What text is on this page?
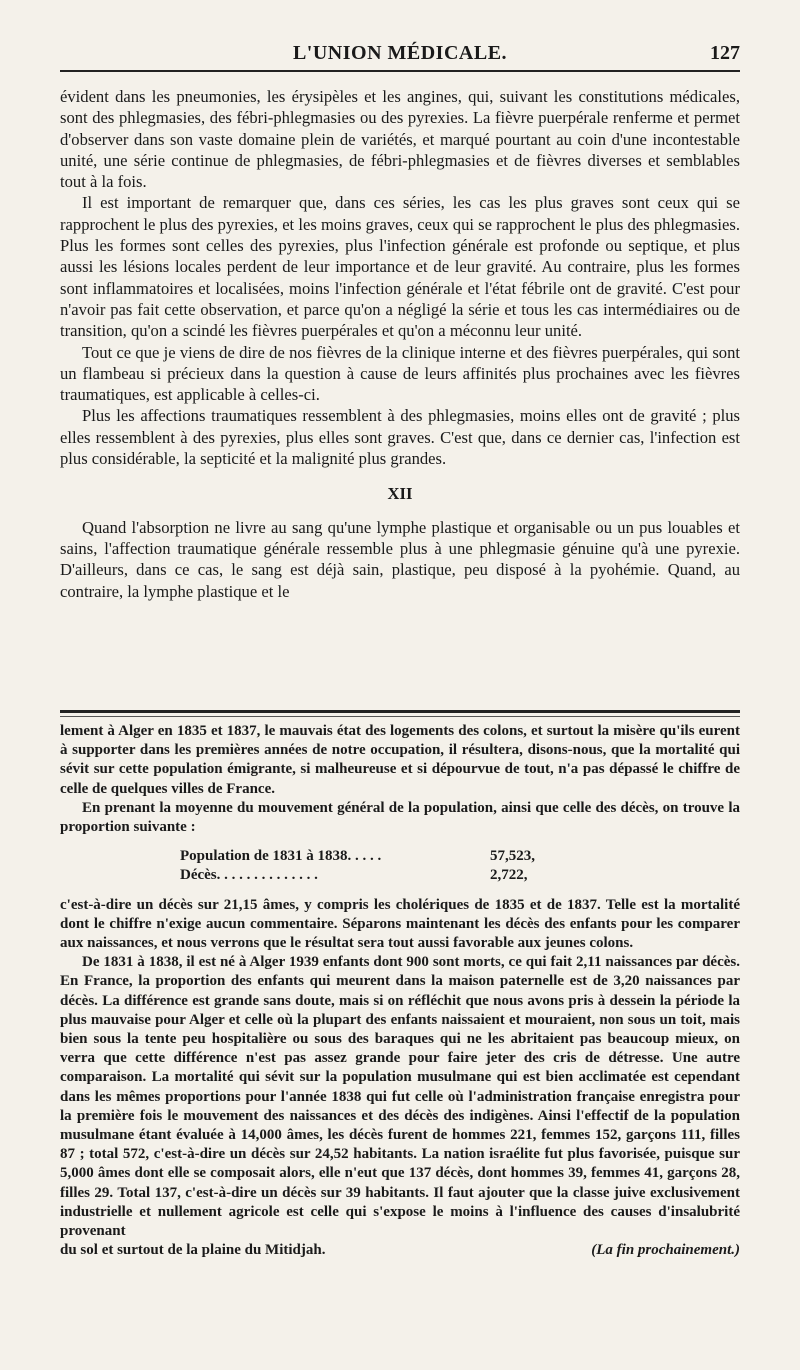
L'UNION MÉDICALE.	127

évident dans les pneumonies, les érysipèles et les angines, qui, suivant les constitutions médicales, sont des phlegmasies, des fébri-phlegmasies ou des pyrexies. La fièvre puerpérale renferme et permet d'observer dans son vaste domaine plein de variétés, et marqué pourtant au coin d'une incontestable unité, une série continue de phlegmasies, de fébri-phlegmasies et de fièvres diverses et semblables tout à la fois.

Il est important de remarquer que, dans ces séries, les cas les plus graves sont ceux qui se rapprochent le plus des pyrexies, et les moins graves, ceux qui se rapprochent le plus des phlegmasies. Plus les formes sont celles des pyrexies, plus l'infection générale est profonde ou septique, et plus aussi les lésions locales perdent de leur importance et de leur gravité. Au contraire, plus les formes sont inflammatoires et localisées, moins l'infection générale et l'état fébrile ont de gravité. C'est pour n'avoir pas fait cette observation, et parce qu'on a négligé la série et tous les cas intermédiaires ou de transition, qu'on a scindé les fièvres puerpérales et qu'on a méconnu leur unité.

Tout ce que je viens de dire de nos fièvres de la clinique interne et des fièvres puerpérales, qui sont un flambeau si précieux dans la question à cause de leurs affinités plus prochaines avec les fièvres traumatiques, est applicable à celles-ci.

Plus les affections traumatiques ressemblent à des phlegmasies, moins elles ont de gravité ; plus elles ressemblent à des pyrexies, plus elles sont graves. C'est que, dans ce dernier cas, l'infection est plus considérable, la septicité et la malignité plus grandes.

XII

Quand l'absorption ne livre au sang qu'une lymphe plastique et organisable ou un pus louables et sains, l'affection traumatique générale ressemble plus à une phlegmasie génuine qu'à une pyrexie. D'ailleurs, dans ce cas, le sang est déjà sain, plastique, peu disposé à la pyohémie. Quand, au contraire, la lymphe plastique et le

lement à Alger en 1835 et 1837, le mauvais état des logements des colons, et surtout la misère qu'ils eurent à supporter dans les premières années de notre occupation, il résultera, disons-nous, que la mortalité qui sévit sur cette population émigrante, si malheureuse et si dépourvue de tout, n'a pas dépassé le chiffre de celle de quelques villes de France.

En prenant la moyenne du mouvement général de la population, ainsi que celle des décès, on trouve la proportion suivante :

Population de 1831 à 1838. . . . .	57,523,
Décès. . . . . . . . . . . . . .	2,722,

c'est-à-dire un décès sur 21,15 âmes, y compris les cholériques de 1835 et de 1837. Telle est la mortalité dont le chiffre n'exige aucun commentaire. Séparons maintenant les décès des enfants pour les comparer aux naissances, et nous verrons que le résultat sera tout aussi favorable aux jeunes colons.

De 1831 à 1838, il est né à Alger 1939 enfants dont 900 sont morts, ce qui fait 2,11 naissances par décès. En France, la proportion des enfants qui meurent dans la maison paternelle est de 3,20 naissances par décès. La différence est grande sans doute, mais si on réfléchit que nous avons pris à dessein la période la plus mauvaise pour Alger et celle où la plupart des enfants naissaient et mouraient, non sous un toit, mais bien sous la tente peu hospitalière ou sous des baraques qui ne les abritaient pas beaucoup mieux, on verra que cette différence n'est pas assez grande pour faire jeter des cris de détresse. Une autre comparaison. La mortalité qui sévit sur la population musulmane qui est bien acclimatée est cependant dans les mêmes proportions pour l'année 1838 qui fut celle où l'administration française enregistra pour la première fois le mouvement des naissances et des décès des indigènes. Ainsi l'effectif de la population musulmane étant évaluée à 14,000 âmes, les décès furent de hommes 221, femmes 152, garçons 111, filles 87 ; total 572, c'est-à-dire un décès sur 24,52 habitants. La nation israélite fut plus favorisée, puisque sur 5,000 âmes dont elle se composait alors, elle n'eut que 137 décès, dont hommes 39, femmes 41, garçons 28, filles 29. Total 137, c'est-à-dire un décès sur 39 habitants. Il faut ajouter que la classe juive exclusivement industrielle et nullement agricole est celle qui s'expose le moins à l'influence des causes d'insalubrité provenant

du sol et surtout de la plaine du Mitidjah.	(La fin prochainement.)
